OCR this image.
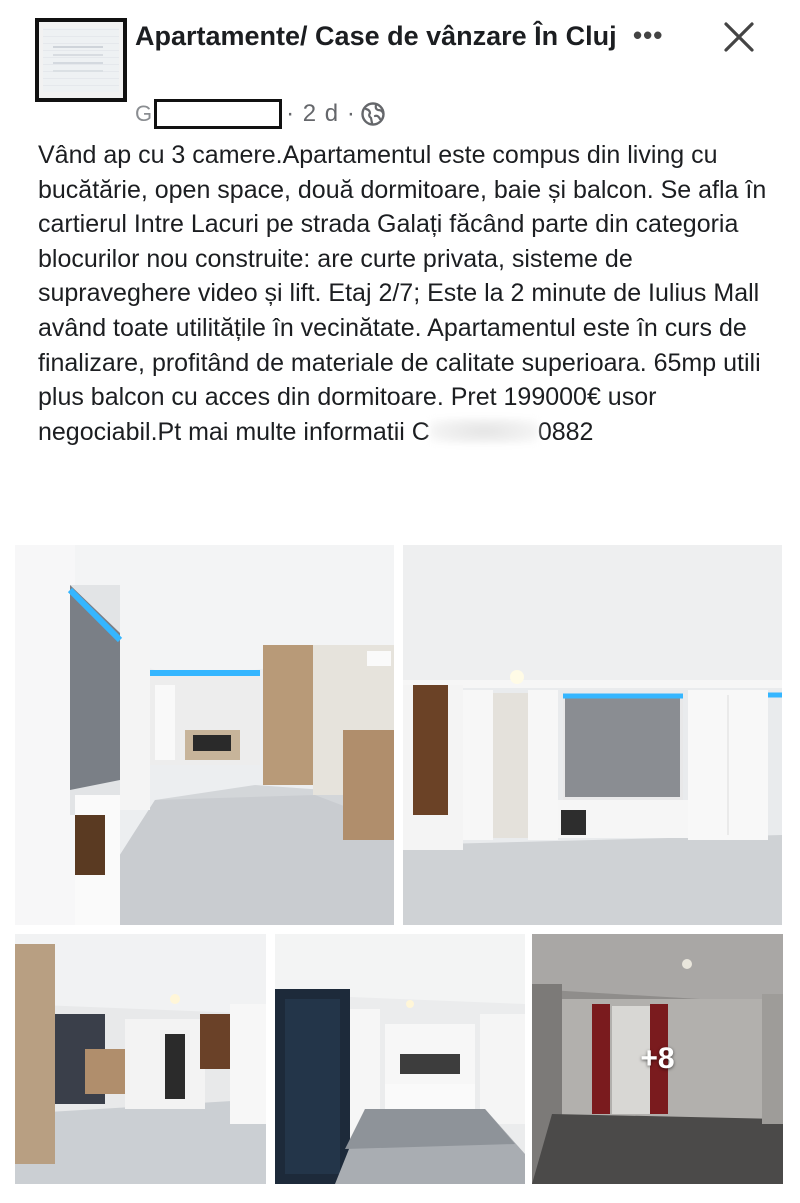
Apartamente/ Case de vânzare În Cluj •••
G	· 2 d ·
Vând ap cu 3 camere.Apartamentul este compus din living cu bucătărie, open space, două dormitoare, baie și balcon. Se afla în cartierul Intre Lacuri pe strada Galați făcând parte din categoria blocurilor nou construite: are curte privata, sisteme de supraveghere video și lift. Etaj 2/7; Este la 2 minute de Iulius Mall având toate utilitățile în vecinătate. Apartamentul este în curs de finalizare, profitând de materiale de calitate superioara. 65mp utili plus balcon cu acces din dormitoare. Pret 199000€ usor negociabil.Pt mai multe informatii C	0882
+8
